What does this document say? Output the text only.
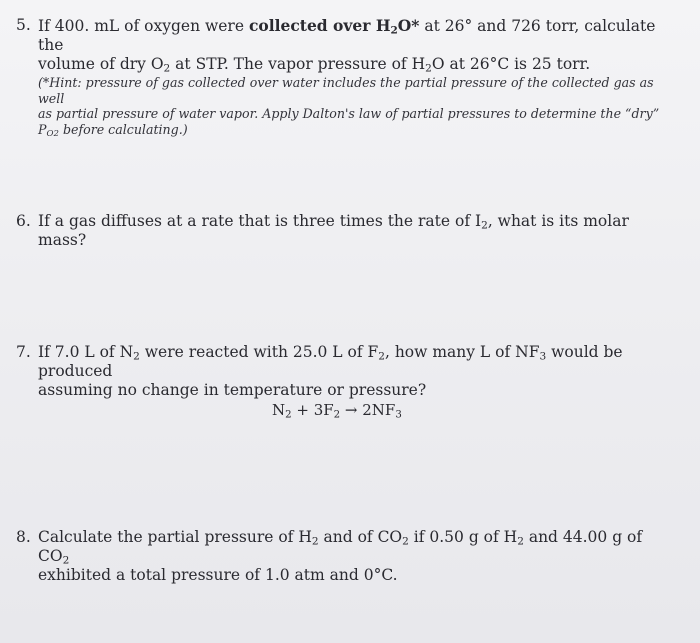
5. If 400. mL of oxygen were collected over $H_2O*$ at 26° and 726 torr, calculate the
volume of dry $O_2$ at STP. The vapor pressure of $H_2O$ at 26°C is 25 torr.
(*Hint: pressure of gas collected over water includes the partial pressure of the collected gas as well
as partial pressure of water vapor. Apply Dalton's law of partial pressures to determine the “dry”
$P_{O2}$ before calculating.)
6. If a gas diffuses at a rate that is three times the rate of $I_2$, what is its molar mass?
7. If 7.0 L of $N_2$ were reacted with 25.0 L of $F_2$, how many L of $NF_3$ would be produced
assuming no change in temperature or pressure?
$N_2 + 3F_2 \to 2NF_3$
8. Calculate the partial pressure of $H_2$ and of $CO_2$ if 0.50 g of $H_2$ and 44.00 g of $CO_2$
exhibited a total pressure of 1.0 atm and 0°C.
